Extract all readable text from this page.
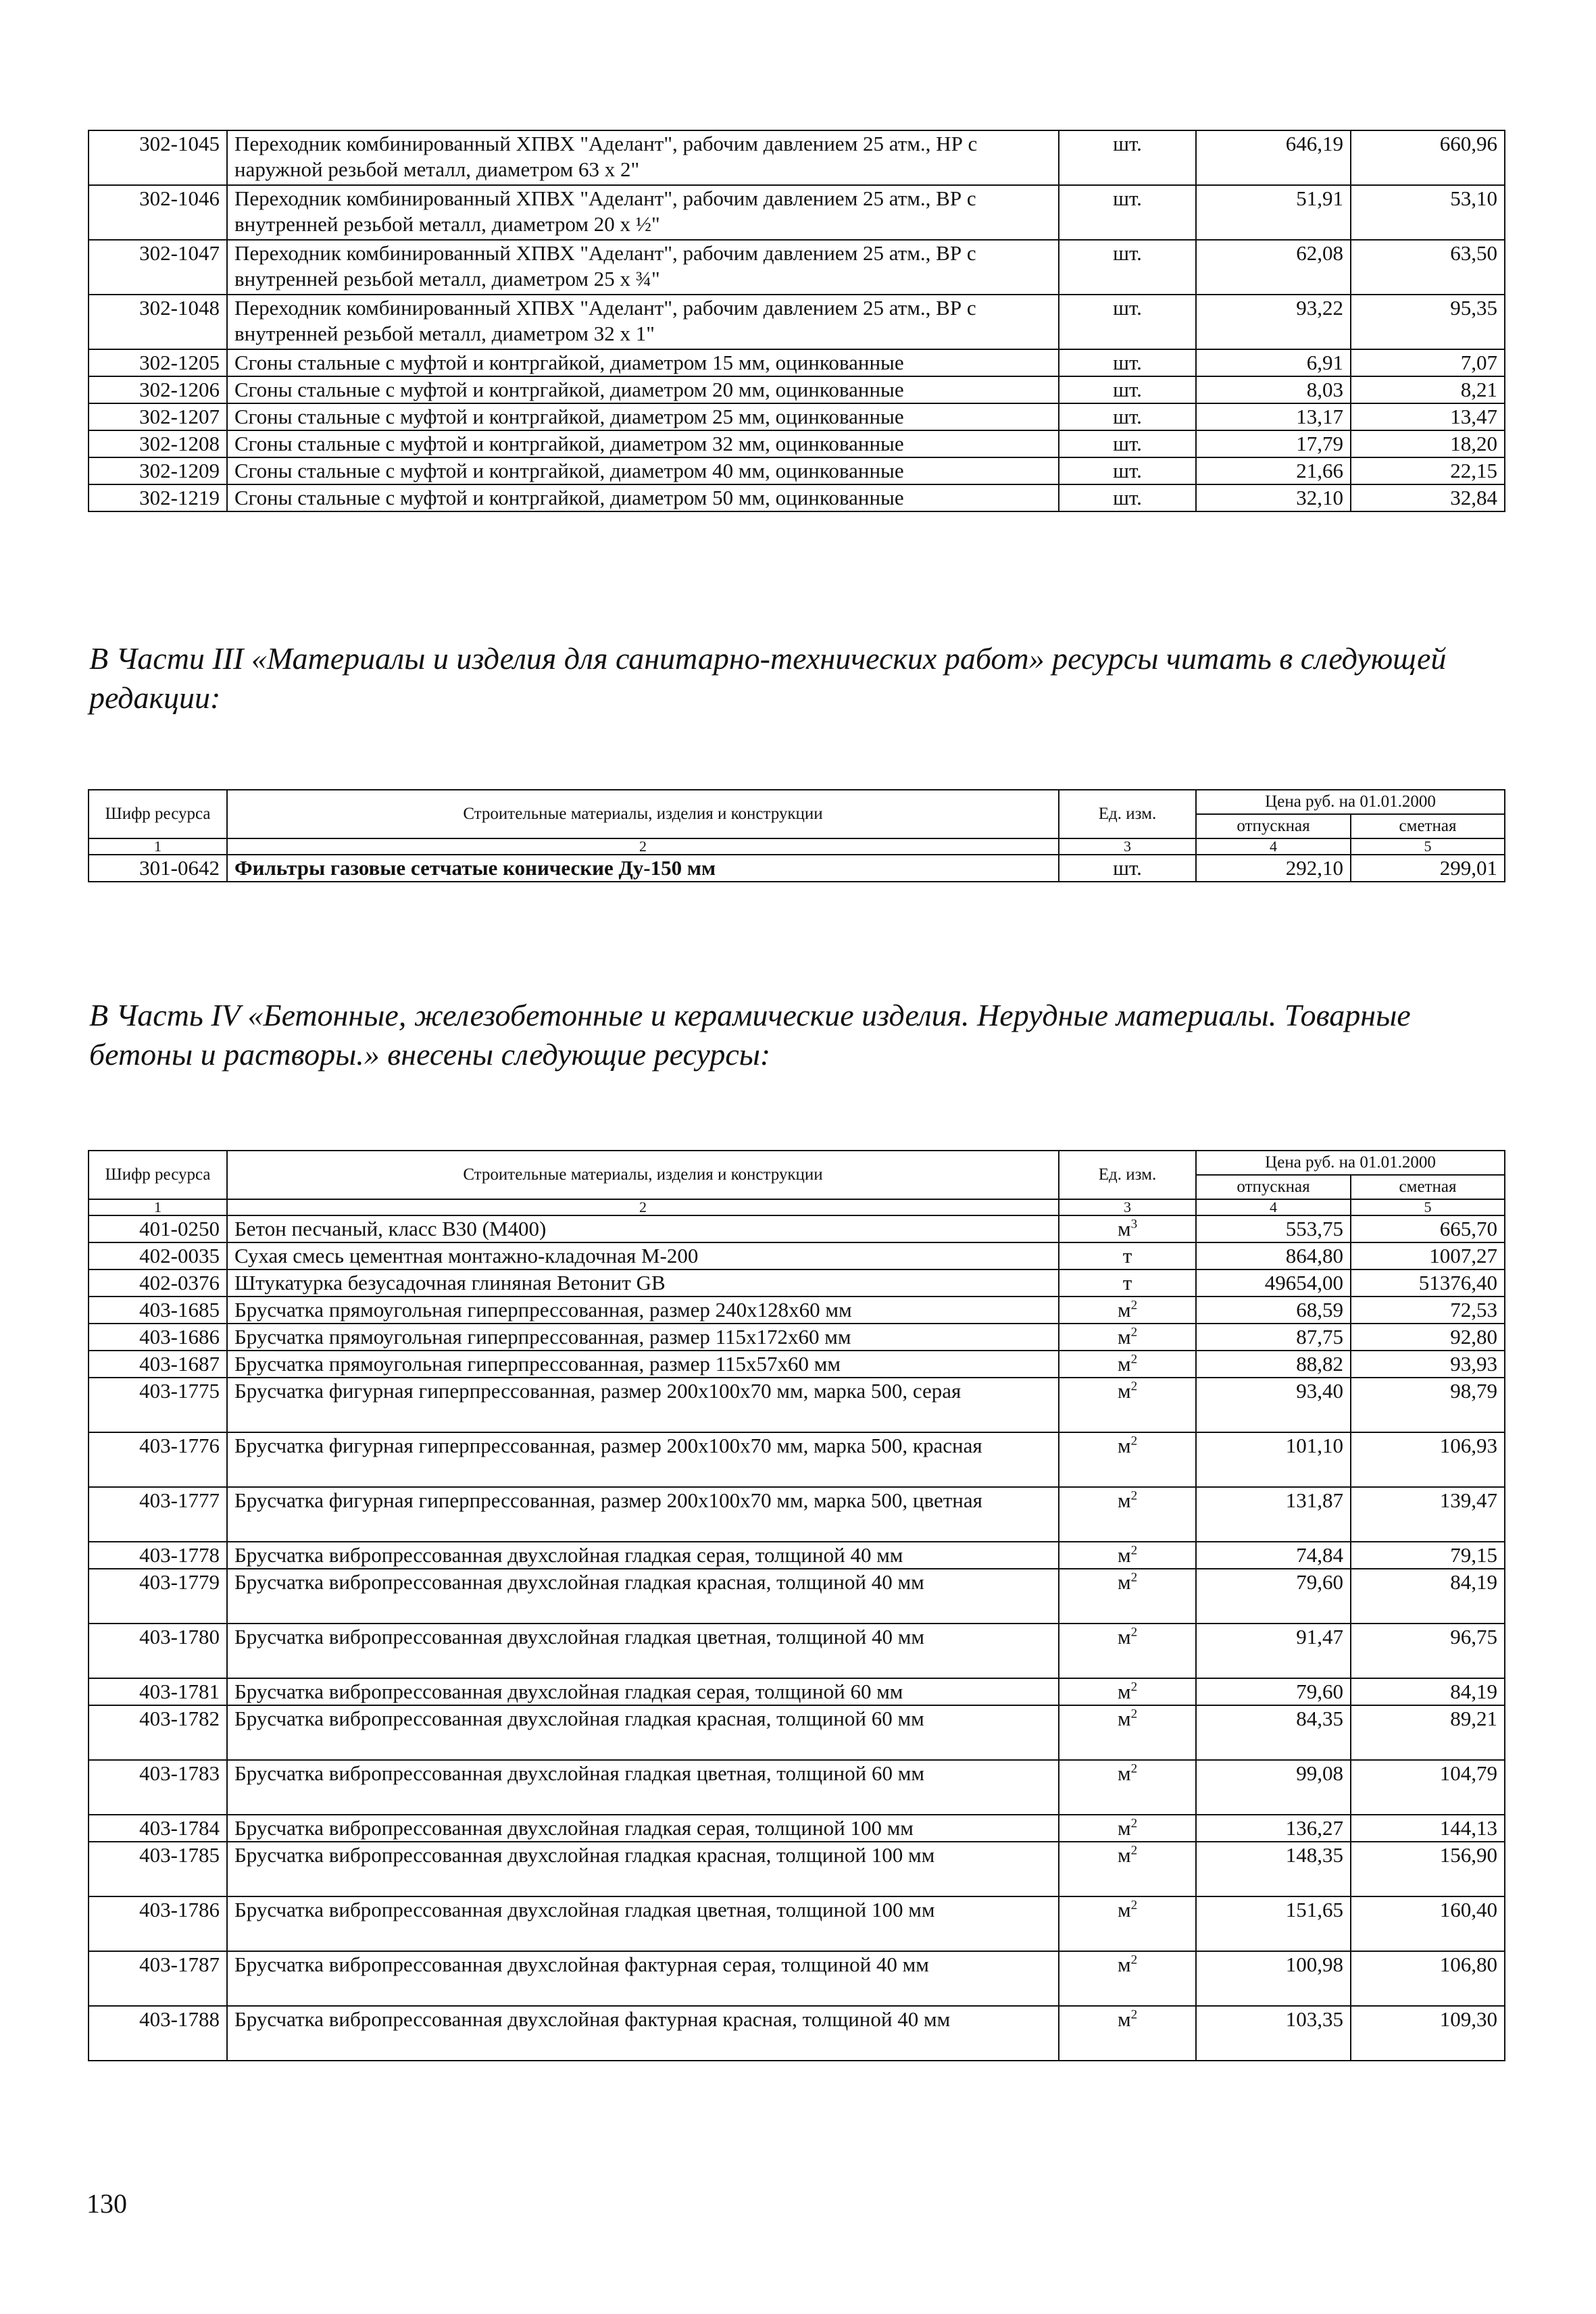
302-1045	Переходник комбинированный ХПВХ "Аделант", рабочим давлением 25 атм., НР с наружной резьбой металл, диаметром 63 х 2"	шт.	646,19	660,96
302-1046	Переходник комбинированный ХПВХ "Аделант", рабочим давлением 25 атм., ВР с внутренней резьбой металл, диаметром 20 х ½"	шт.	51,91	53,10
302-1047	Переходник комбинированный ХПВХ "Аделант", рабочим давлением 25 атм., ВР с внутренней резьбой металл, диаметром 25 х ¾"	шт.	62,08	63,50
302-1048	Переходник комбинированный ХПВХ "Аделант", рабочим давлением 25 атм., ВР с внутренней резьбой металл, диаметром 32 х 1"	шт.	93,22	95,35
302-1205	Сгоны стальные с муфтой и контргайкой, диаметром 15 мм, оцинкованные	шт.	6,91	7,07
302-1206	Сгоны стальные с муфтой и контргайкой, диаметром 20 мм, оцинкованные	шт.	8,03	8,21
302-1207	Сгоны стальные с муфтой и контргайкой, диаметром 25 мм, оцинкованные	шт.	13,17	13,47
302-1208	Сгоны стальные с муфтой и контргайкой, диаметром 32 мм, оцинкованные	шт.	17,79	18,20
302-1209	Сгоны стальные с муфтой и контргайкой, диаметром 40 мм, оцинкованные	шт.	21,66	22,15
302-1219	Сгоны стальные с муфтой и контргайкой, диаметром 50 мм, оцинкованные	шт.	32,10	32,84

В Части III «Материалы и изделия для санитарно-технических работ» ресурсы читать в следующей редакции:

Шифр ресурса	Строительные материалы, изделия и конструкции	Ед. изм.	Цена руб. на 01.01.2000	
			отпускная	сметная
1	2	3	4	5
301-0642	Фильтры газовые сетчатые конические Ду-150 мм	шт.	292,10	299,01

В Часть IV «Бетонные, железобетонные и керамические изделия. Нерудные материалы. Товарные бетоны и растворы.» внесены следующие ресурсы:

Шифр ресурса	Строительные материалы, изделия и конструкции	Ед. изм.	Цена руб. на 01.01.2000	
			отпускная	сметная
1	2	3	4	5
401-0250	Бетон песчаный, класс B30 (M400)	$м^3$	553,75	665,70
402-0035	Сухая смесь цементная монтажно-кладочная М-200	т	864,80	1007,27
402-0376	Штукатурка безусадочная глиняная Ветонит GB	т	49654,00	51376,40
403-1685	Брусчатка прямоугольная гиперпрессованная, размер 240х128х60 мм	$м^2$	68,59	72,53
403-1686	Брусчатка прямоугольная гиперпрессованная, размер 115х172х60 мм	$м^2$	87,75	92,80
403-1687	Брусчатка прямоугольная гиперпрессованная, размер 115х57х60 мм	$м^2$	88,82	93,93
403-1775	Брусчатка фигурная гиперпрессованная, размер 200х100х70 мм, марка 500, серая	$м^2$	93,40	98,79
403-1776	Брусчатка фигурная гиперпрессованная, размер 200х100х70 мм, марка 500, красная	$м^2$	101,10	106,93
403-1777	Брусчатка фигурная гиперпрессованная, размер 200х100х70 мм, марка 500, цветная	$м^2$	131,87	139,47
403-1778	Брусчатка вибропрессованная двухслойная гладкая серая, толщиной 40 мм	$м^2$	74,84	79,15
403-1779	Брусчатка вибропрессованная двухслойная гладкая красная, толщиной 40 мм	$м^2$	79,60	84,19
403-1780	Брусчатка вибропрессованная двухслойная гладкая цветная, толщиной 40 мм	$м^2$	91,47	96,75
403-1781	Брусчатка вибропрессованная двухслойная гладкая серая, толщиной 60 мм	$м^2$	79,60	84,19
403-1782	Брусчатка вибропрессованная двухслойная гладкая красная, толщиной 60 мм	$м^2$	84,35	89,21
403-1783	Брусчатка вибропрессованная двухслойная гладкая цветная, толщиной 60 мм	$м^2$	99,08	104,79
403-1784	Брусчатка вибропрессованная двухслойная гладкая серая, толщиной 100 мм	$м^2$	136,27	144,13
403-1785	Брусчатка вибропрессованная двухслойная гладкая красная, толщиной 100 мм	$м^2$	148,35	156,90
403-1786	Брусчатка вибропрессованная двухслойная гладкая цветная, толщиной 100 мм	$м^2$	151,65	160,40
403-1787	Брусчатка вибропрессованная двухслойная фактурная серая, толщиной 40 мм	$м^2$	100,98	106,80
403-1788	Брусчатка вибропрессованная двухслойная фактурная красная, толщиной 40 мм	$м^2$	103,35	109,30
130
